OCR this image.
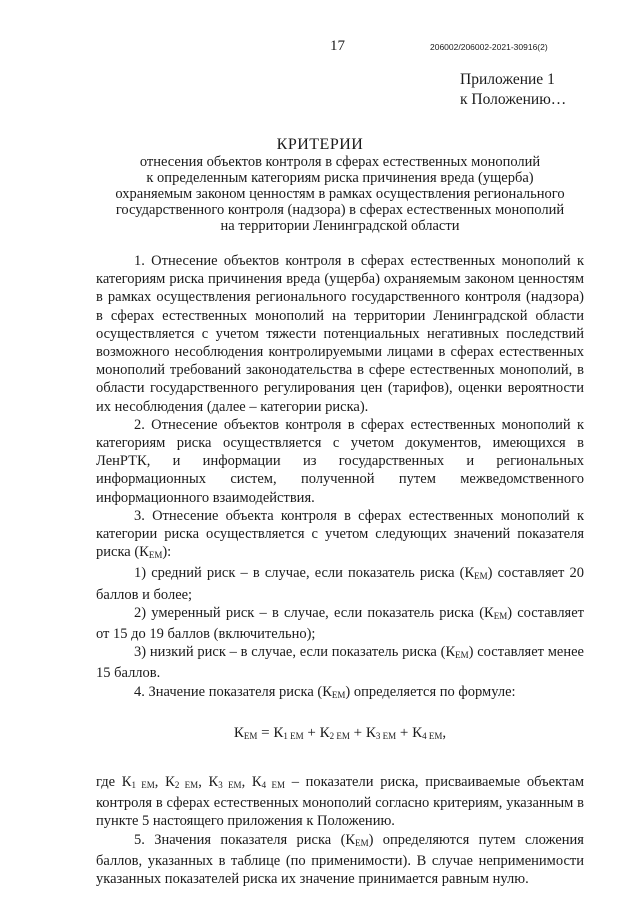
17	206002/206002-2021-30916(2)
Приложение 1
к Положению…
КРИТЕРИИ
отнесения объектов контроля в сферах естественных монополий
к определенным категориям риска причинения вреда (ущерба)
охраняемым законом ценностям в рамках осуществления регионального
государственного контроля (надзора) в сферах естественных монополий
на территории Ленинградской области

1. Отнесение объектов контроля в сферах естественных монополий к категориям риска причинения вреда (ущерба) охраняемым законом ценностям в рамках осуществления регионального государственного контроля (надзора) в сферах естественных монополий на территории Ленинградской области осуществляется с учетом тяжести потенциальных негативных последствий возможного несоблюдения контролируемыми лицами в сферах естественных монополий требований законодательства в сфере естественных монополий, в области государственного регулирования цен (тарифов), оценки вероятности их несоблюдения (далее – категории риска).

2. Отнесение объектов контроля в сферах естественных монополий к категориям риска осуществляется с учетом документов, имеющихся в ЛенРТК, и информации из государственных и региональных информационных систем, полученной путем межведомственного информационного взаимодействия.

3. Отнесение объекта контроля в сферах естественных монополий к категории риска осуществляется с учетом следующих значений показателя риска $(К_{ЕМ})$:

1) средний риск – в случае, если показатель риска $(К_{ЕМ})$ составляет 20 баллов и более;

2) умеренный риск – в случае, если показатель риска $(К_{ЕМ})$ составляет от 15 до 19 баллов (включительно);

3) низкий риск – в случае, если показатель риска $(К_{ЕМ})$ составляет менее 15 баллов.

4. Значение показателя риска $(К_{ЕМ})$ определяется по формуле:

$К_{ЕМ} = К_{1 ЕМ} + К_{2 ЕМ} + К_{3 ЕМ} + К_{4 ЕМ}$,

где $К_{1 ЕМ}$, $К_{2 ЕМ}$, $К_{3 ЕМ}$, $К_{4 ЕМ}$ – показатели риска, присваиваемые объектам контроля в сферах естественных монополий согласно критериям, указанным в пункте 5 настоящего приложения к Положению.

5. Значения показателя риска $(К_{ЕМ})$ определяются путем сложения баллов, указанных в таблице (по применимости). В случае неприменимости указанных показателей риска их значение принимается равным нулю.
